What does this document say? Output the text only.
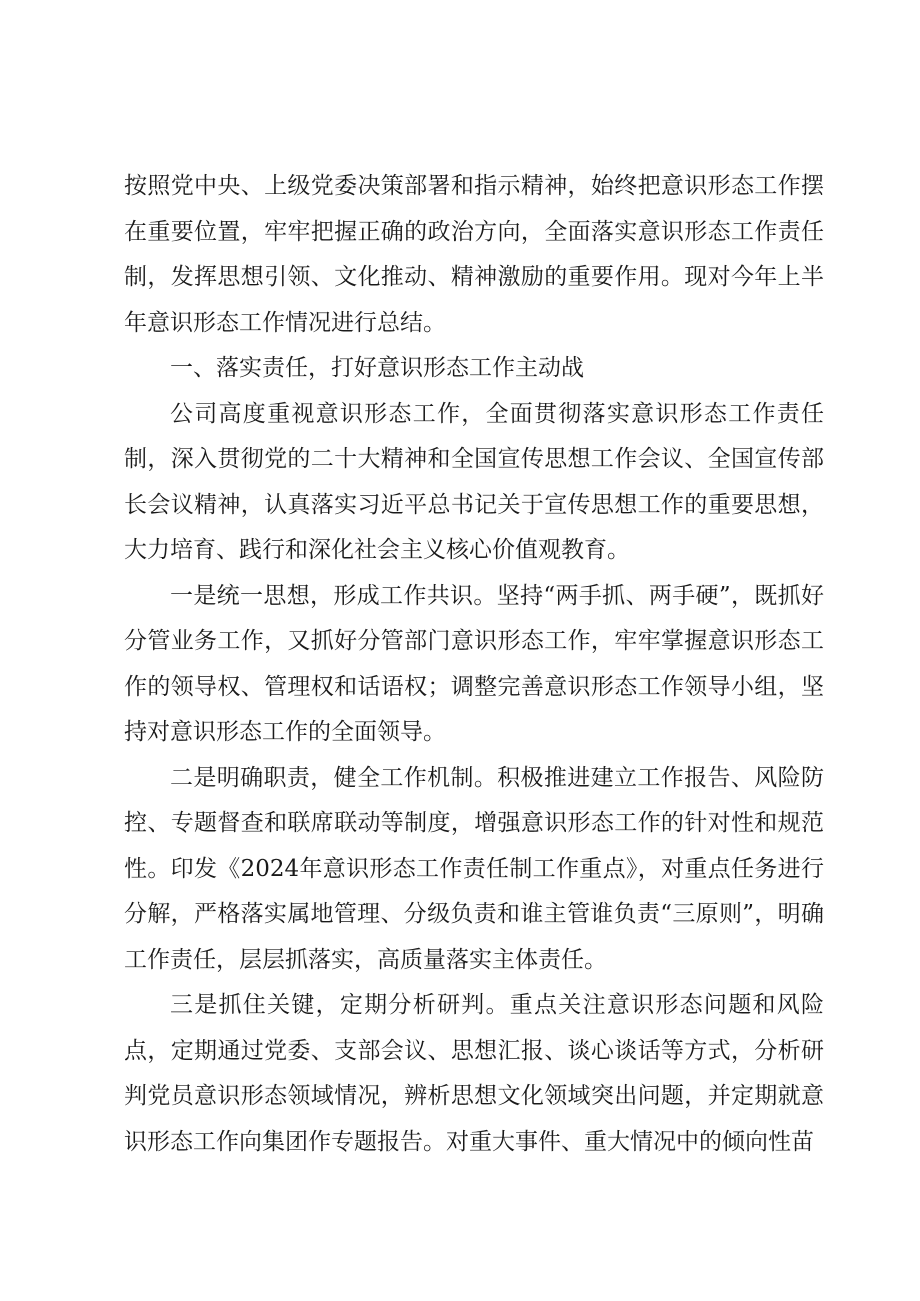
按照党中央、上级党委决策部署和指示精神，始终把意识形态工作摆在重要位置，牢牢把握正确的政治方向，全面落实意识形态工作责任制，发挥思想引领、文化推动、精神激励的重要作用。现对今年上半年意识形态工作情况进行总结。

一、落实责任，打好意识形态工作主动战

公司高度重视意识形态工作，全面贯彻落实意识形态工作责任制，深入贯彻党的二十大精神和全国宣传思想工作会议、全国宣传部长会议精神，认真落实习近平总书记关于宣传思想工作的重要思想，大力培育、践行和深化社会主义核心价值观教育。

一是统一思想，形成工作共识。坚持“两手抓、两手硬”，既抓好分管业务工作，又抓好分管部门意识形态工作，牢牢掌握意识形态工作的领导权、管理权和话语权；调整完善意识形态工作领导小组，坚持对意识形态工作的全面领导。

二是明确职责，健全工作机制。积极推进建立工作报告、风险防控、专题督查和联席联动等制度，增强意识形态工作的针对性和规范性。印发《2024年意识形态工作责任制工作重点》，对重点任务进行分解，严格落实属地管理、分级负责和谁主管谁负责“三原则”，明确工作责任，层层抓落实，高质量落实主体责任。

三是抓住关键，定期分析研判。重点关注意识形态问题和风险点，定期通过党委、支部会议、思想汇报、谈心谈话等方式，分析研判党员意识形态领域情况，辨析思想文化领域突出问题，并定期就意识形态工作向集团作专题报告。对重大事件、重大情况中的倾向性苗
